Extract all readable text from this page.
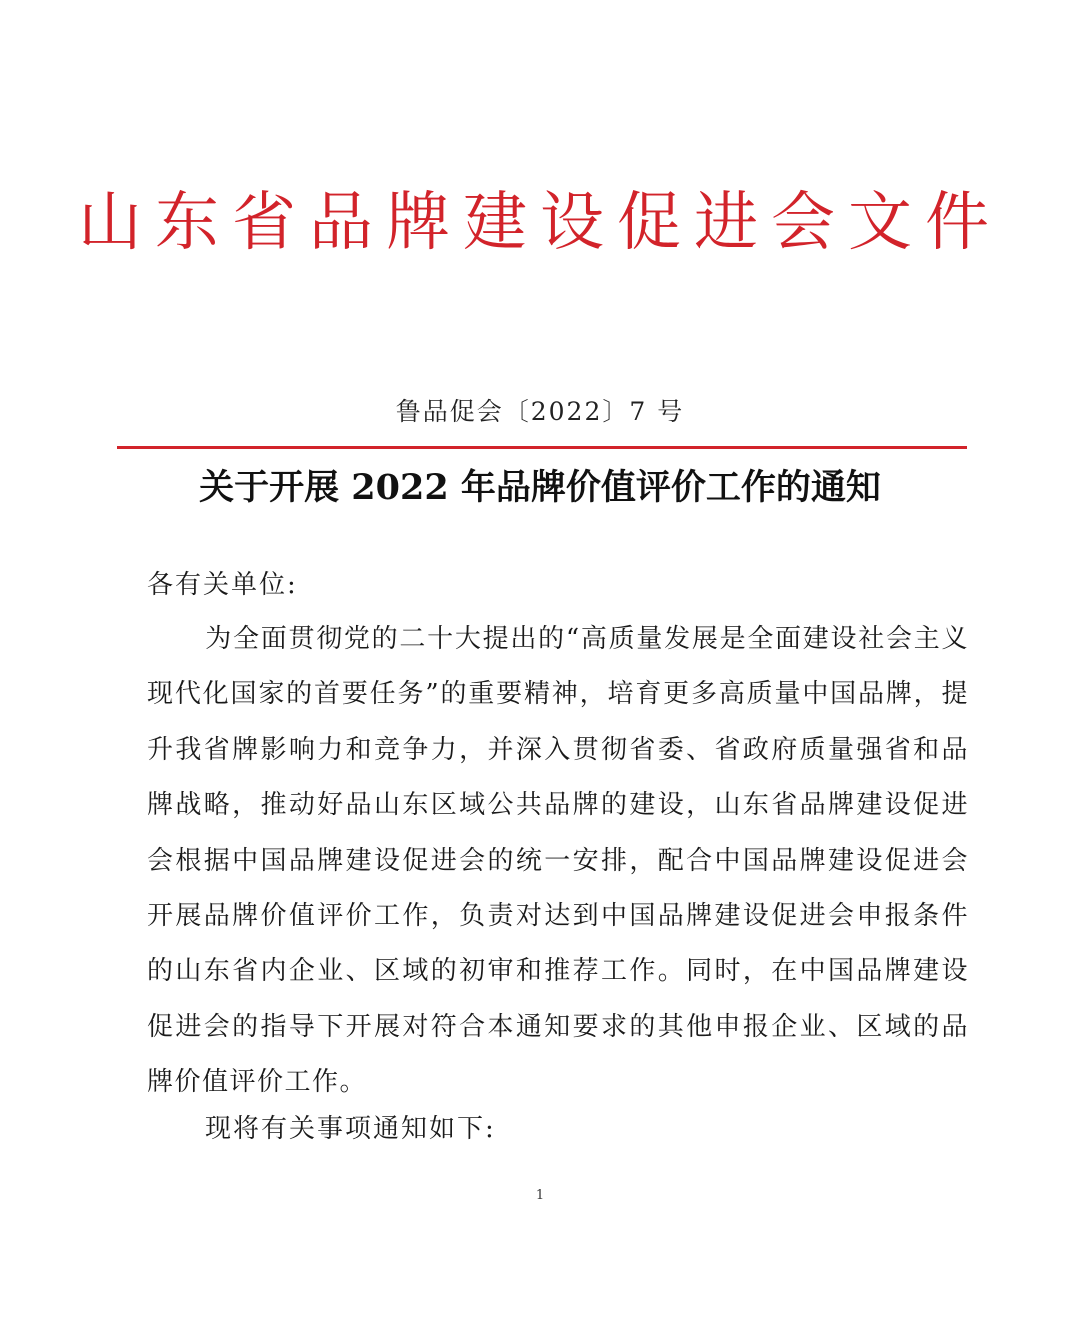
山东省品牌建设促进会文件
鲁品促会〔2022〕7 号
关于开展 2022 年品牌价值评价工作的通知
各有关单位:
为全面贯彻党的二十大提出的“高质量发展是全面建设社会主义现代化国家的首要任务”的重要精神，培育更多高质量中国品牌，提升我省牌影响力和竞争力，并深入贯彻省委、省政府质量强省和品牌战略，推动好品山东区域公共品牌的建设，山东省品牌建设促进会根据中国品牌建设促进会的统一安排，配合中国品牌建设促进会开展品牌价值评价工作，负责对达到中国品牌建设促进会申报条件的山东省内企业、区域的初审和推荐工作。同时，在中国品牌建设促进会的指导下开展对符合本通知要求的其他申报企业、区域的品牌价值评价工作。
现将有关事项通知如下:
1
